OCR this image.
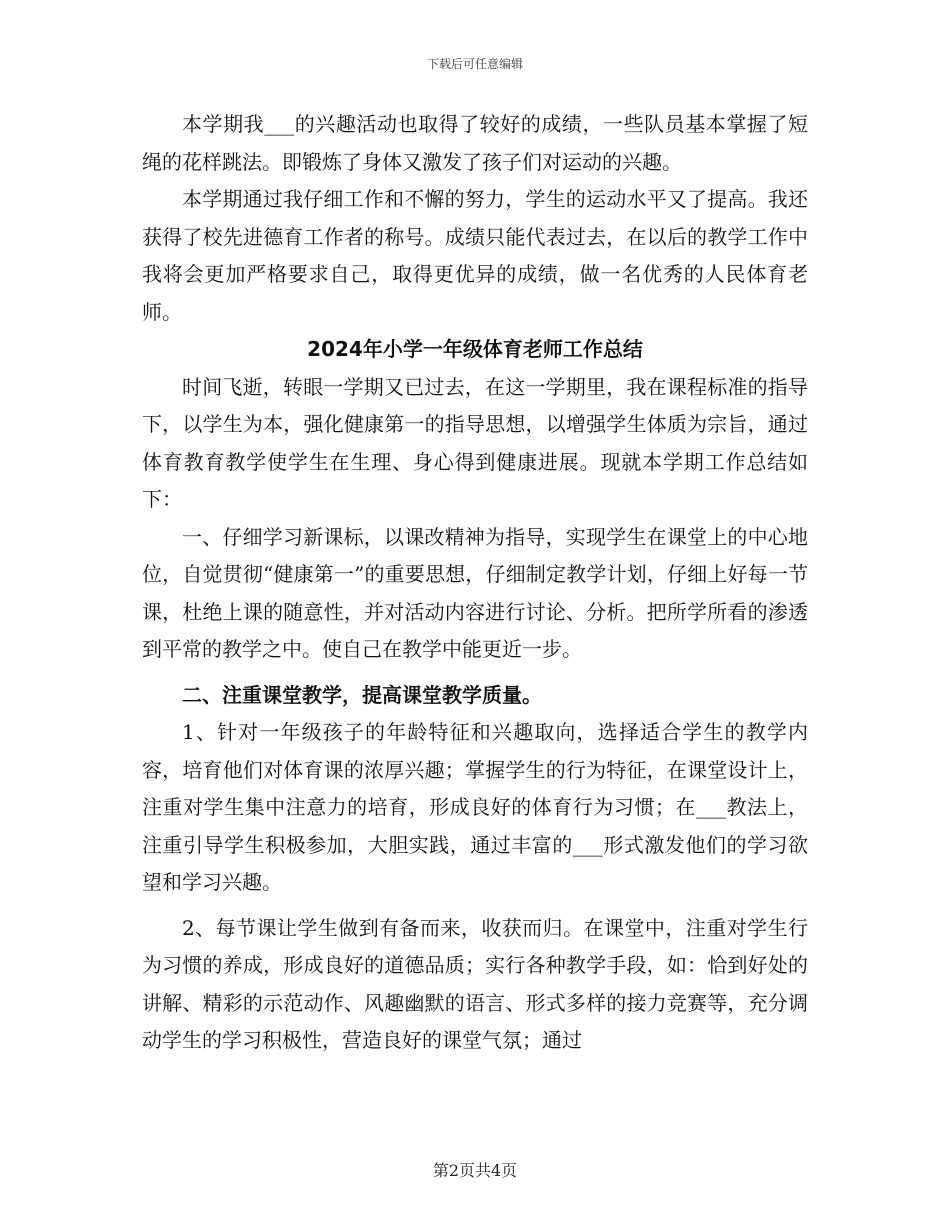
下载后可任意编辑

本学期我___的兴趣活动也取得了较好的成绩，一些队员基本掌握了短绳的花样跳法。即锻炼了身体又激发了孩子们对运动的兴趣。

本学期通过我仔细工作和不懈的努力，学生的运动水平又了提高。我还获得了校先进德育工作者的称号。成绩只能代表过去，在以后的教学工作中我将会更加严格要求自己，取得更优异的成绩，做一名优秀的人民体育老师。

2024年小学一年级体育老师工作总结

时间飞逝，转眼一学期又已过去，在这一学期里，我在课程标准的指导下，以学生为本，强化健康第一的指导思想，以增强学生体质为宗旨，通过体育教育教学使学生在生理、身心得到健康进展。现就本学期工作总结如下：

一、仔细学习新课标，以课改精神为指导，实现学生在课堂上的中心地位，自觉贯彻“健康第一”的重要思想，仔细制定教学计划，仔细上好每一节课，杜绝上课的随意性，并对活动内容进行讨论、分析。把所学所看的渗透到平常的教学之中。使自己在教学中能更近一步。

二、注重课堂教学，提高课堂教学质量。

1、针对一年级孩子的年龄特征和兴趣取向，选择适合学生的教学内容，培育他们对体育课的浓厚兴趣；掌握学生的行为特征，在课堂设计上，注重对学生集中注意力的培育，形成良好的体育行为习惯；在___教法上，注重引导学生积极参加，大胆实践，通过丰富的___形式激发他们的学习欲望和学习兴趣。

2、每节课让学生做到有备而来，收获而归。在课堂中，注重对学生行为习惯的养成，形成良好的道德品质；实行各种教学手段，如：恰到好处的讲解、精彩的示范动作、风趣幽默的语言、形式多样的接力竞赛等，充分调动学生的学习积极性，营造良好的课堂气氛；通过

第2页共4页
